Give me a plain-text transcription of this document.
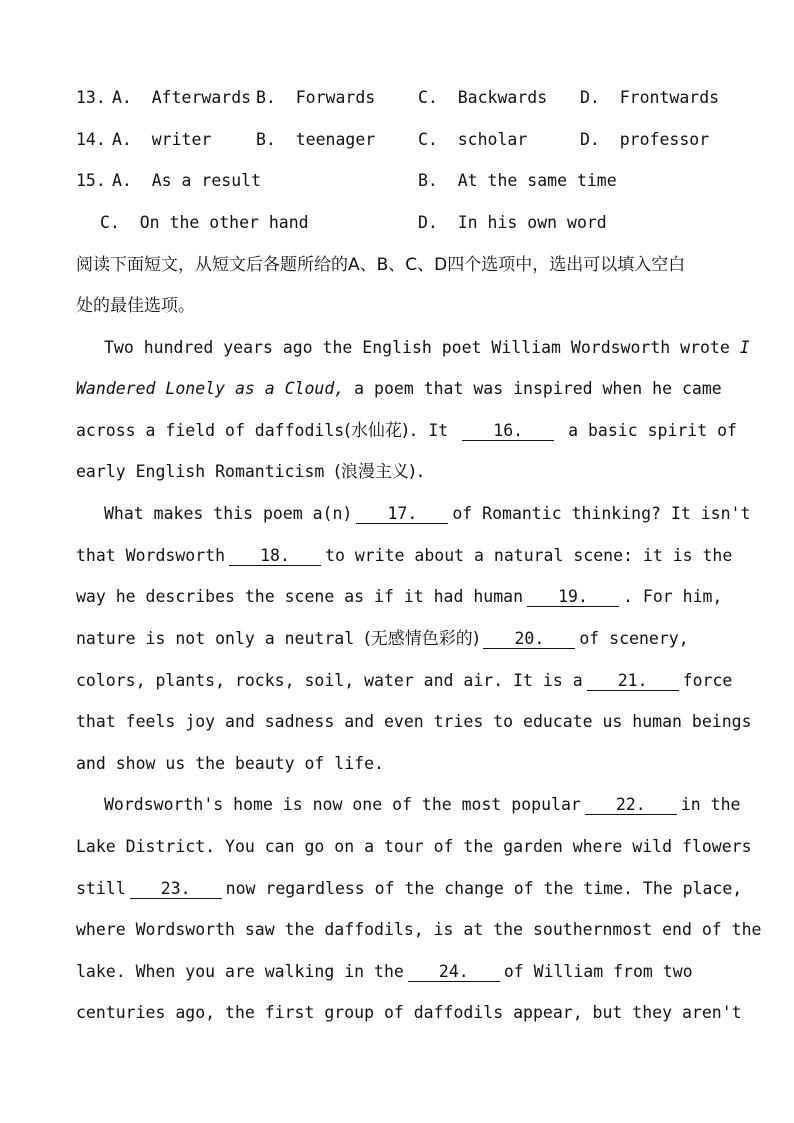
13. A.  Afterwards B.  Forwards	C.  Backwards D.  Frontwards
14. A.  writer	B.  teenager	C.  scholar	D.  professor
15. A.  As a result	B.  At the same time
C.  On the other hand	D.  In his own word
阅读下面短文，从短文后各题所给的A、B、C、D四个选项中，选出可以填入空白
处的最佳选项。
Two hundred years ago the English poet William Wordsworth wrote I
Wandered Lonely as a Cloud, a poem that was inspired when he came
across a field of daffodils(水仙花). It	16. a basic spirit of
early English Romanticism (浪漫主义).
What makes this poem a(n) 17. of Romantic thinking? It isn't
that Wordsworth 18. to write about a natural scene: it is the
way he describes the scene as if it had human 19. . For him,
nature is not only a neutral (无感情色彩的) 20. of scenery,
colors, plants, rocks, soil, water and air. It is a 21. force
that feels joy and sadness and even tries to educate us human beings
and show us the beauty of life.
Wordsworth's home is now one of the most popular 22. in the
Lake District. You can go on a tour of the garden where wild flowers
still 23. now regardless of the change of the time. The place,
where Wordsworth saw the daffodils, is at the southernmost end of the
lake. When you are walking in the 24. of William from two
centuries ago, the first group of daffodils appear, but they aren't
